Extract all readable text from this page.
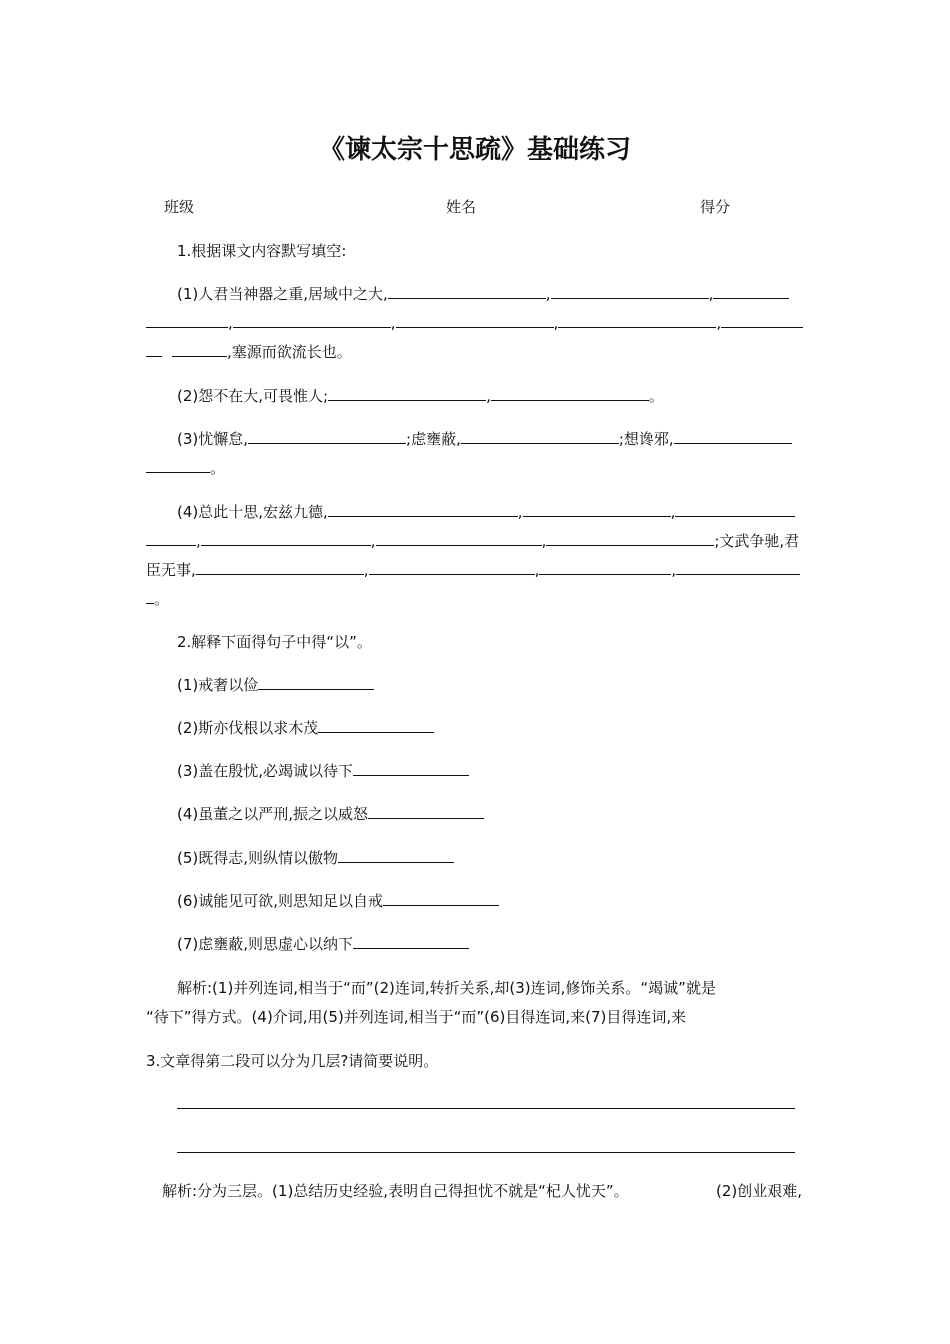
《谏太宗十思疏》基础练习
班级	姓名	得分
1.根据课文内容默写填空:
(1)人君当神器之重,居域中之大,	,	,
,	,	,	,
,塞源而欲流长也。
(2)怨不在大,可畏惟人;	,	。
(3)忧懈怠,	;虑壅蔽,	;想谗邪,
。
(4)总此十思,宏兹九德,	,	,
,	,	,	;文武争驰,君
臣无事,	,	,	,
。
2.解释下面得句子中得“以”。
(1)戒奢以俭
(2)斯亦伐根以求木茂
(3)盖在殷忧,必竭诚以待下
(4)虽董之以严刑,振之以威怒
(5)既得志,则纵情以傲物
(6)诚能见可欲,则思知足以自戒
(7)虑壅蔽,则思虚心以纳下
解析:(1)并列连词,相当于“而”(2)连词,转折关系,却(3)连词,修饰关系。“竭诚”就是
“待下”得方式。(4)介词,用(5)并列连词,相当于“而”(6)目得连词,来(7)目得连词,来
3.文章得第二段可以分为几层?请简要说明。
解析:分为三层。(1)总结历史经验,表明自己得担忧不就是“杞人忧天”。	(2)创业艰难,
